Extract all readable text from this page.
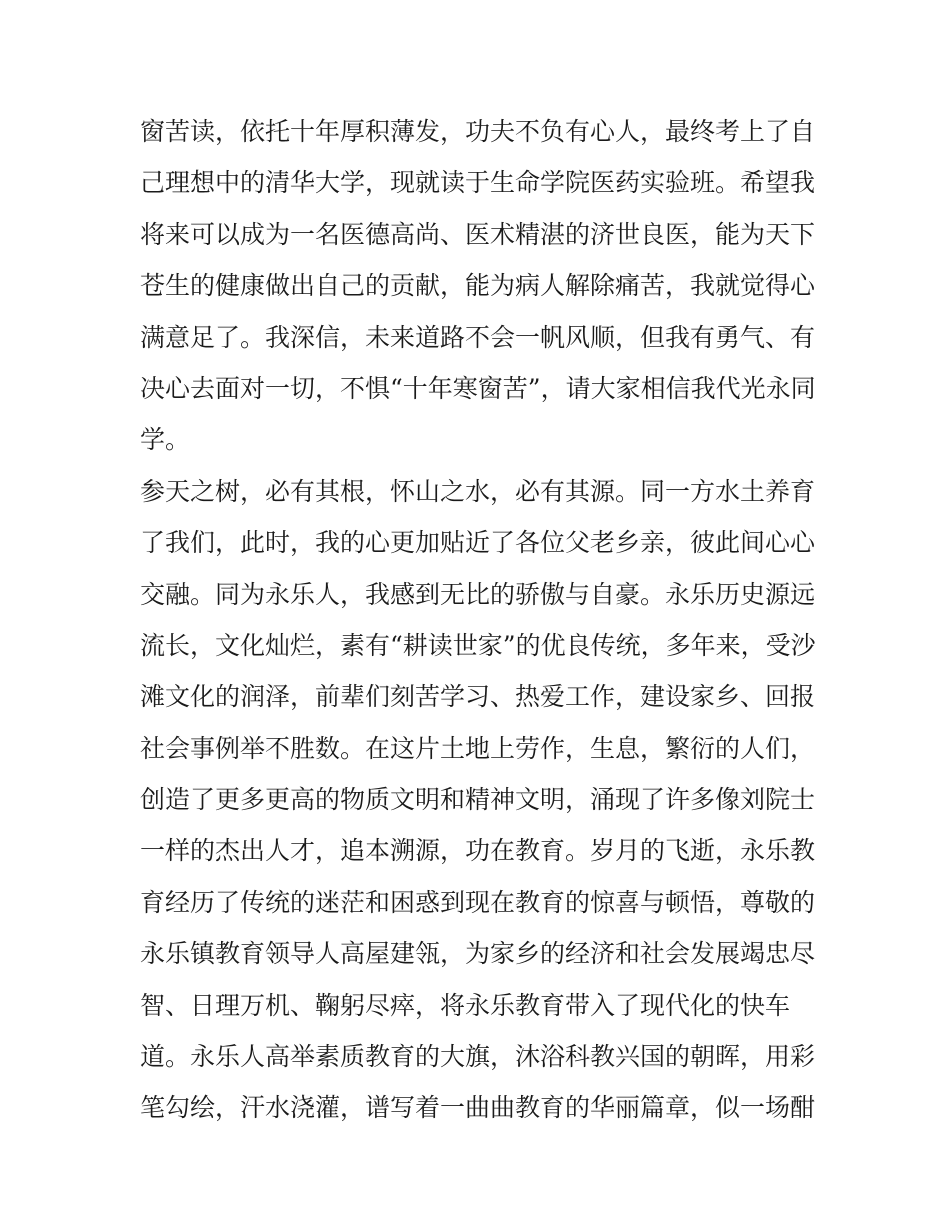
窗苦读，依托十年厚积薄发，功夫不负有心人，最终考上了自
己理想中的清华大学，现就读于生命学院医药实验班。希望我
将来可以成为一名医德高尚、医术精湛的济世良医，能为天下
苍生的健康做出自己的贡献，能为病人解除痛苦，我就觉得心
满意足了。我深信，未来道路不会一帆风顺，但我有勇气、有
决心去面对一切，不惧“十年寒窗苦”，请大家相信我代光永同
学。
参天之树，必有其根，怀山之水，必有其源。同一方水土养育
了我们，此时，我的心更加贴近了各位父老乡亲，彼此间心心
交融。同为永乐人，我感到无比的骄傲与自豪。永乐历史源远
流长，文化灿烂，素有“耕读世家”的优良传统，多年来，受沙
滩文化的润泽，前辈们刻苦学习、热爱工作，建设家乡、回报
社会事例举不胜数。在这片土地上劳作，生息，繁衍的人们，
创造了更多更高的物质文明和精神文明，涌现了许多像刘院士
一样的杰出人才，追本溯源，功在教育。岁月的飞逝，永乐教
育经历了传统的迷茫和困惑到现在教育的惊喜与顿悟，尊敬的
永乐镇教育领导人高屋建瓴，为家乡的经济和社会发展竭忠尽
智、日理万机、鞠躬尽瘁，将永乐教育带入了现代化的快车
道。永乐人高举素质教育的大旗，沐浴科教兴国的朝晖，用彩
笔勾绘，汗水浇灌，谱写着一曲曲教育的华丽篇章，似一场酣
